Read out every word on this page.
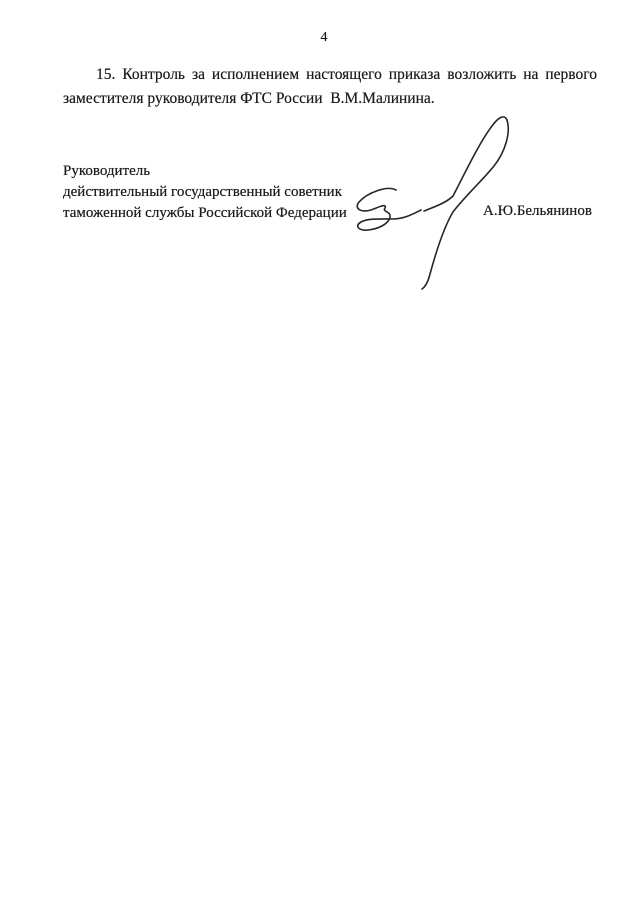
4
15. Контроль за исполнением настоящего приказа возложить на первого
заместителя руководителя ФТС России  В.М.Малинина.
Руководитель
действительный государственный советник
таможенной службы Российской Федерации	А.Ю.Бельянинов
